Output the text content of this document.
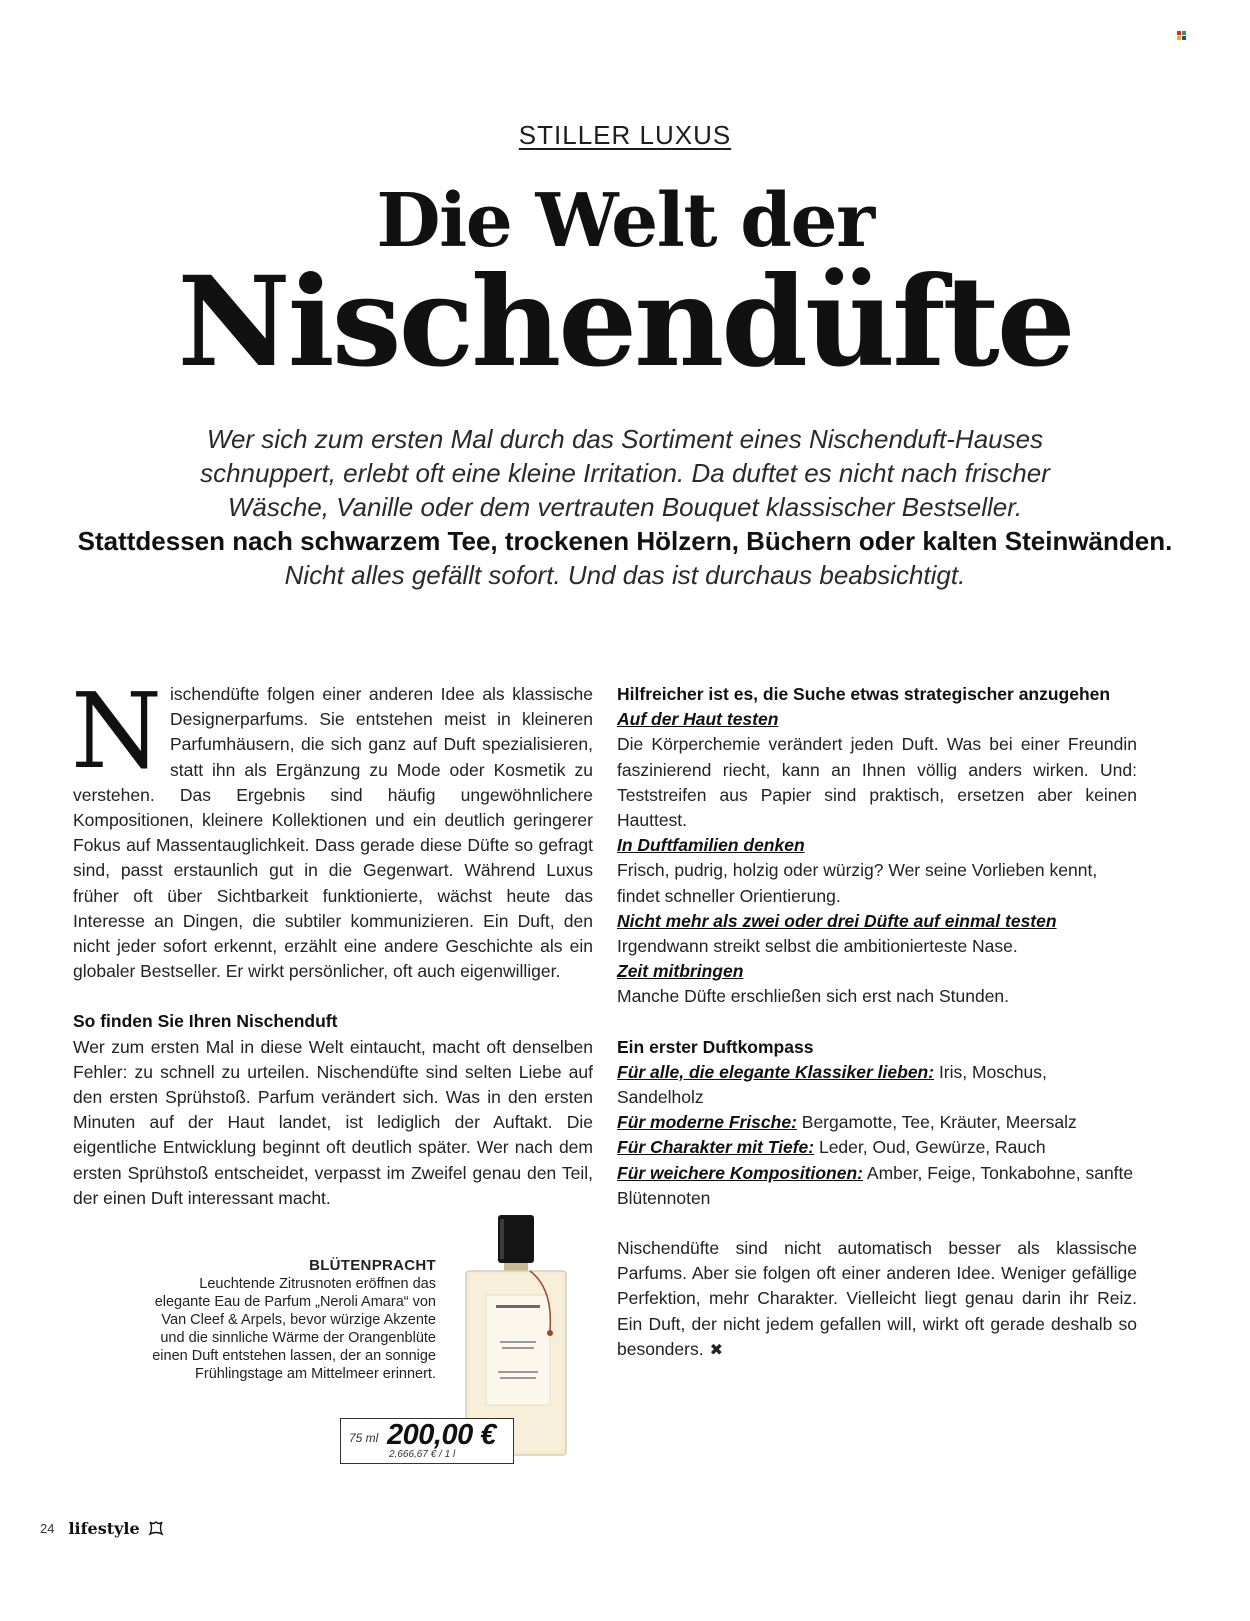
STILLER LUXUS
Die Welt der
Nischendüfte
Wer sich zum ersten Mal durch das Sortiment eines Nischenduft-Hauses
schnuppert, erlebt oft eine kleine Irritation. Da duftet es nicht nach frischer
Wäsche, Vanille oder dem vertrauten Bouquet klassischer Bestseller.
Stattdessen nach schwarzem Tee, trockenen Hölzern, Büchern oder kalten Steinwänden. Nicht alles gefällt sofort. Und das ist durchaus beabsichtigt.

Nischendüfte folgen einer anderen Idee als klassische Designerparfums. Sie entstehen meist in kleineren Parfumhäusern, die sich ganz auf Duft spezialisieren, statt ihn als Ergänzung zu Mode oder Kosmetik zu verstehen. Das Ergebnis sind häufig ungewöhnlichere Kompositionen, kleinere Kollektionen und ein deutlich geringerer Fokus auf Massentauglichkeit. Dass gerade diese Düfte so gefragt sind, passt erstaunlich gut in die Gegenwart. Während Luxus früher oft über Sichtbarkeit funktionierte, wächst heute das Interesse an Dingen, die subtiler kommunizieren. Ein Duft, den nicht jeder sofort erkennt, erzählt eine andere Geschichte als ein globaler Bestseller. Er wirkt persönlicher, oft auch eigenwilliger.

So finden Sie Ihren Nischenduft

Wer zum ersten Mal in diese Welt eintaucht, macht oft denselben Fehler: zu schnell zu urteilen. Nischendüfte sind selten Liebe auf den ersten Sprühstoß. Parfum verändert sich. Was in den ersten Minuten auf der Haut landet, ist lediglich der Auftakt. Die eigentliche Entwicklung beginnt oft deutlich später. Wer nach dem ersten Sprühstoß entscheidet, verpasst im Zweifel genau den Teil, der einen Duft interessant macht.

Hilfreicher ist es, die Suche etwas strategischer anzugehen

Auf der Haut testen

Die Körperchemie verändert jeden Duft. Was bei einer Freundin faszinierend riecht, kann an Ihnen völlig anders wirken. Und: Teststreifen aus Papier sind praktisch, ersetzen aber keinen Hauttest.

In Duftfamilien denken

Frisch, pudrig, holzig oder würzig? Wer seine Vorlieben kennt, findet schneller Orientierung.

Nicht mehr als zwei oder drei Düfte auf einmal testen

Irgendwann streikt selbst die ambitionierteste Nase.

Zeit mitbringen

Manche Düfte erschließen sich erst nach Stunden.

Ein erster Duftkompass

Für alle, die elegante Klassiker lieben: Iris, Moschus, Sandelholz

Für moderne Frische: Bergamotte, Tee, Kräuter, Meersalz

Für Charakter mit Tiefe: Leder, Oud, Gewürze, Rauch

Für weichere Kompositionen: Amber, Feige, Tonkabohne, sanfte Blütennoten

Nischendüfte sind nicht automatisch besser als klassische Parfums. Aber sie folgen oft einer anderen Idee. Weniger gefällige Perfektion, mehr Charakter. Vielleicht liegt genau darin ihr Reiz. Ein Duft, der nicht jedem gefallen will, wirkt oft gerade deshalb so besonders. ✖

BLÜTENPRACHT
Leuchtende Zitrusnoten eröffnen das elegante Eau de Parfum „Neroli Amara“ von Van Cleef & Arpels, bevor würzige Akzente und die sinnliche Wärme der Orangenblüte einen Duft entstehen lassen, der an sonnige Frühlingstage am Mittelmeer erinnert.
75 ml 200,00 €
2.666,67 € / 1 l
24 lifestyle
